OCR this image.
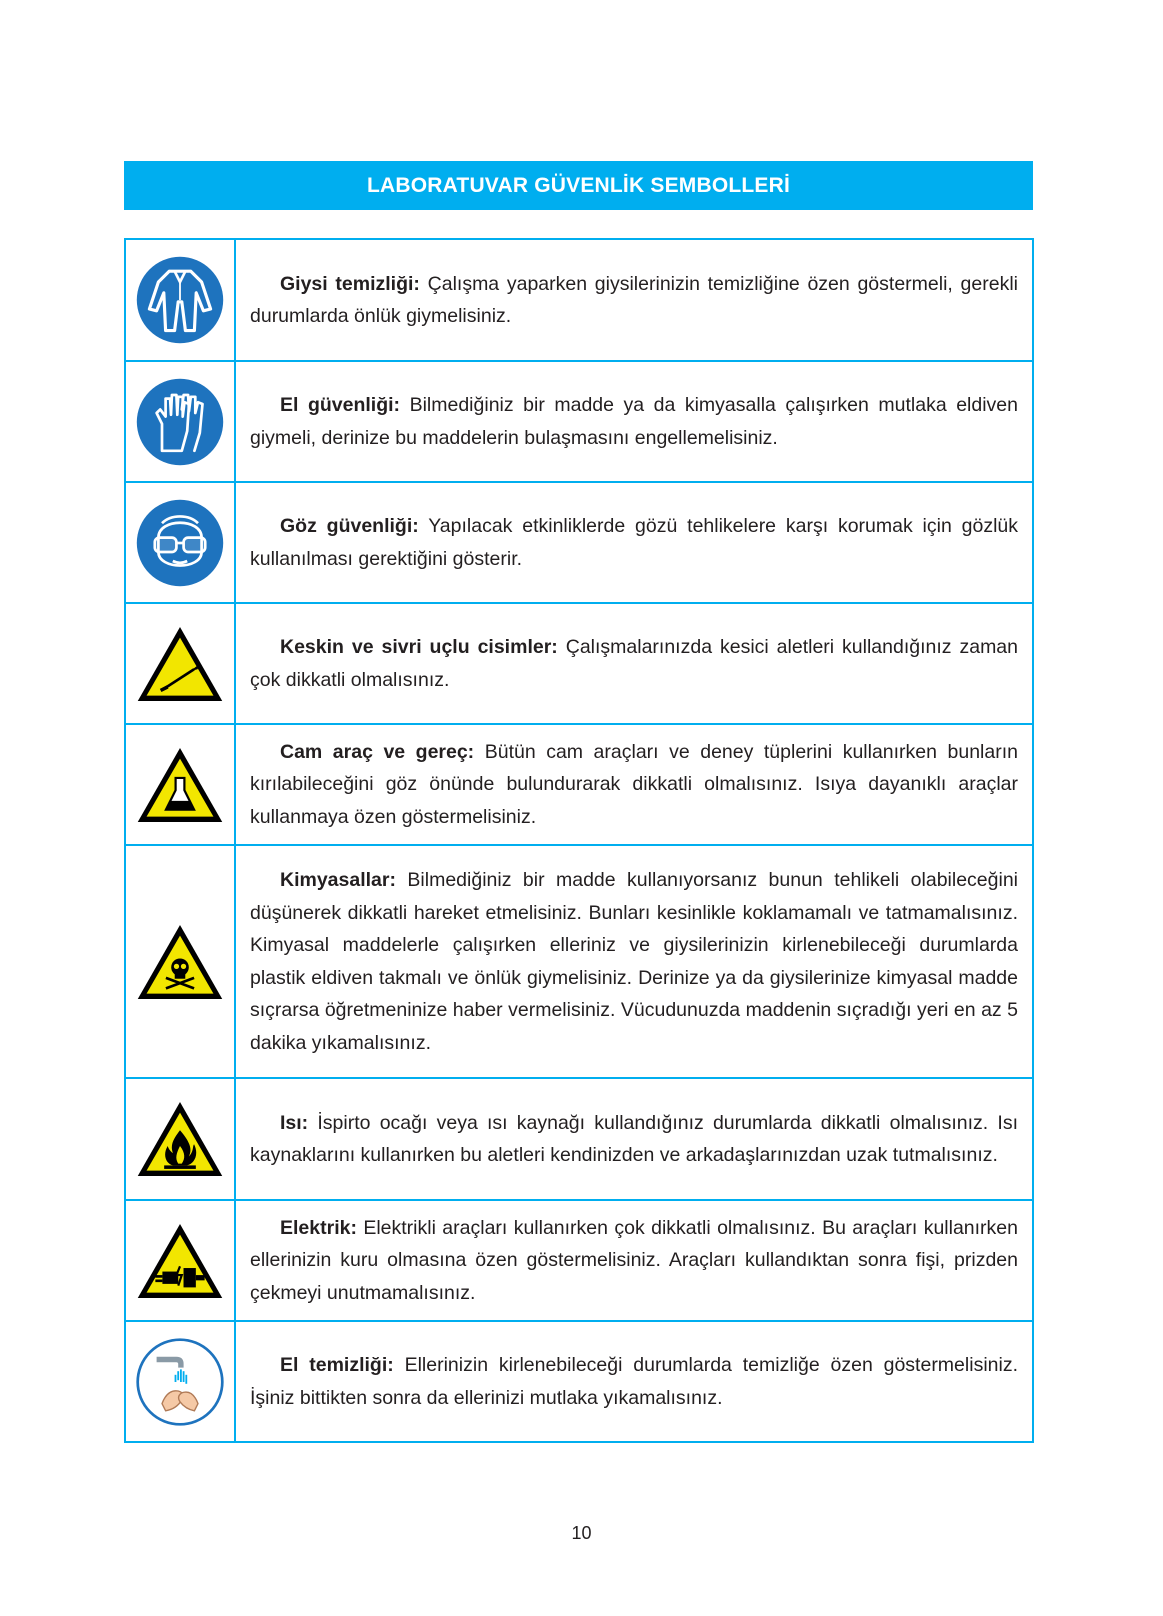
LABORATUVAR GÜVENLİK SEMBOLLERİ

Giysi temizliği: Çalışma yaparken giysilerinizin temizliğine özen göstermeli, gerekli durumlarda önlük giymelisiniz.

El güvenliği: Bilmediğiniz bir madde ya da kimyasalla çalışırken mutlaka eldiven giymeli, derinize bu maddelerin bulaşmasını engellemelisiniz.

Göz güvenliği: Yapılacak etkinliklerde gözü tehlikelere karşı korumak için gözlük kullanılması gerektiğini gösterir.

Keskin ve sivri uçlu cisimler: Çalışmalarınızda kesici aletleri kullandığınız zaman çok dikkatli olmalısınız.

Cam araç ve gereç: Bütün cam araçları ve deney tüplerini kullanırken bunların kırılabileceğini göz önünde bulundurarak dikkatli olmalısınız. Isıya dayanıklı araçlar kullanmaya özen göstermelisiniz.

Kimyasallar: Bilmediğiniz bir madde kullanıyorsanız bunun tehlikeli olabileceğini düşünerek dikkatli hareket etmelisiniz. Bunları kesinlikle koklamamalı ve tatmamalısınız. Kimyasal maddelerle çalışırken elleriniz ve giysilerinizin kirlenebileceği durumlarda plastik eldiven takmalı ve önlük giymelisiniz. Derinize ya da giysilerinize kimyasal madde sıçrarsa öğretmeninize haber vermelisiniz. Vücudunuzda maddenin sıçradığı yeri en az 5 dakika yıkamalısınız.

Isı: İspirto ocağı veya ısı kaynağı kullandığınız durumlarda dikkatli olmalısınız. Isı kaynaklarını kullanırken bu aletleri kendinizden ve arkadaşlarınızdan uzak tutmalısınız.

Elektrik: Elektrikli araçları kullanırken çok dikkatli olmalısınız. Bu araçları kullanırken ellerinizin kuru olmasına özen göstermelisiniz. Araçları kullandıktan sonra fişi, prizden çekmeyi unutmamalısınız.

El temizliği: Ellerinizin kirlenebileceği durumlarda temizliğe özen göstermelisiniz. İşiniz bittikten sonra da ellerinizi mutlaka yıkamalısınız.

10
